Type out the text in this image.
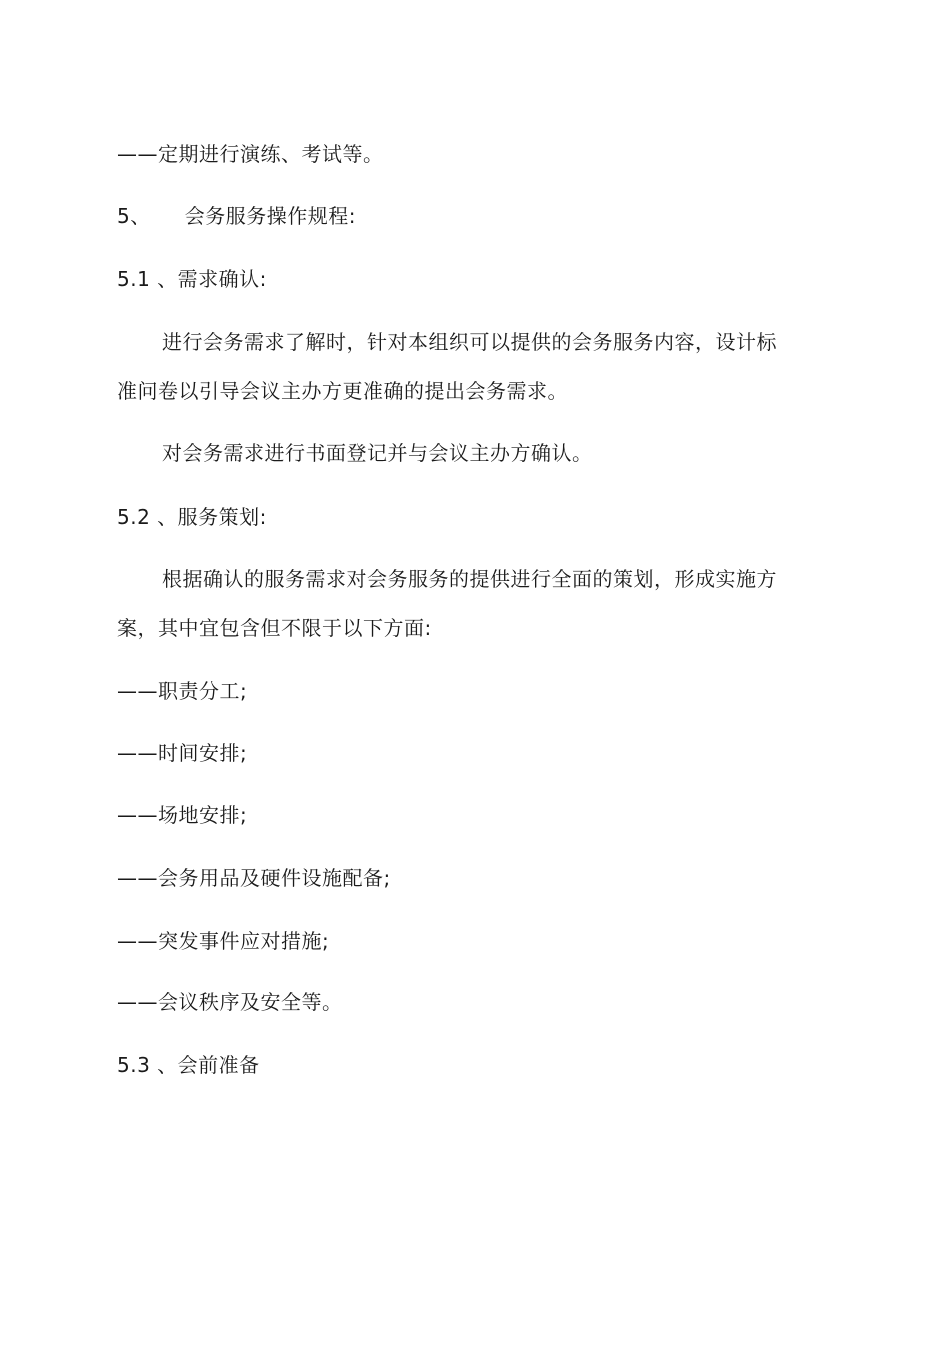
——定期进行演练、考试等。
5、 会务服务操作规程:
5.1 、需求确认:
进行会务需求了解时，针对本组织可以提供的会务服务内容，设计标
准问卷以引导会议主办方更准确的提出会务需求。
对会务需求进行书面登记并与会议主办方确认。
5.2 、服务策划:
根据确认的服务需求对会务服务的提供进行全面的策划，形成实施方
案，其中宜包含但不限于以下方面:
——职责分工;
——时间安排;
——场地安排;
——会务用品及硬件设施配备;
——突发事件应对措施;
——会议秩序及安全等。
5.3 、会前准备
